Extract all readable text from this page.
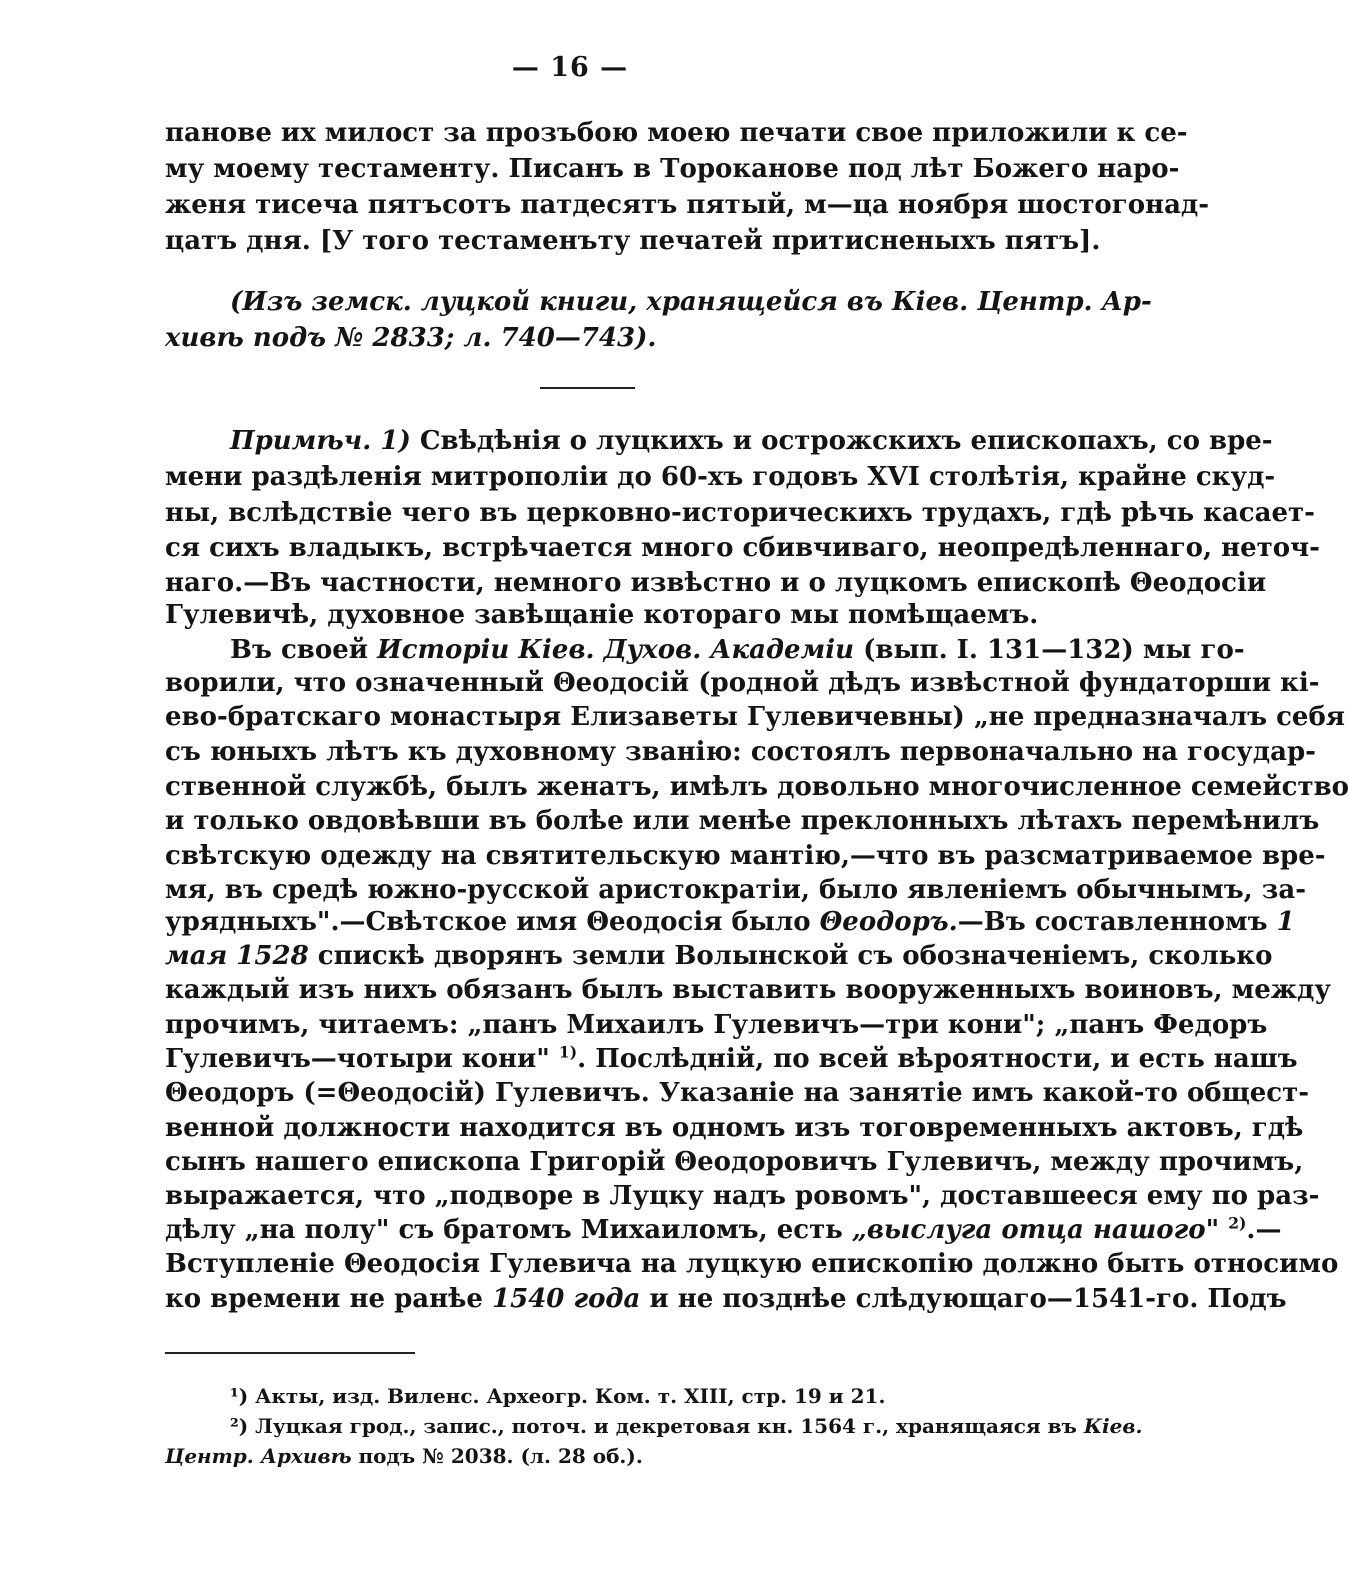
— 16 —
панове их милост за прозъбою моею печати свое приложили к се-
му моему тестаменту. Писанъ в Тороканове под лѣт Божего наро-
женя тисеча пятъсотъ патдесятъ пятый, м—ца ноября шостогонад-
цатъ дня. [У того тестаменъту печатей притисненыхъ пятъ].
(Изъ земск. луцкой книги, хранящейся въ Кіев. Центр. Ар-
хивѣ подъ № 2833; л. 740—743).
Примѣч. 1) Свѣдѣнія о луцкихъ и острожскихъ епископахъ, со вре-
мени раздѣленія митрополіи до 60-хъ годовъ XVI столѣтія, крайне скуд-
ны, вслѣдствіе чего въ церковно-историческихъ трудахъ, гдѣ рѣчь касает-
ся сихъ владыкъ, встрѣчается много сбивчиваго, неопредѣленнаго, неточ-
наго.—Въ частности, немного извѣстно и о луцкомъ епископѣ Θеодосіи
Гулевичѣ, духовное завѣщаніе котораго мы помѣщаемъ.
Въ своей Исторіи Кіев. Духов. Академіи (вып. I. 131—132) мы го-
ворили, что означенный Θеодосій (родной дѣдъ извѣстной фундаторши кі-
ево-братскаго монастыря Елизаветы Гулевичевны) „не предназначалъ себя
съ юныхъ лѣтъ къ духовному званію: состоялъ первоначально на государ-
ственной службѣ, былъ женатъ, имѣлъ довольно многочисленное семейство
и только овдовѣвши въ болѣе или менѣе преклонныхъ лѣтахъ перемѣнилъ
свѣтскую одежду на святительскую мантію,—что въ разсматриваемое вре-
мя, въ средѣ южно-русской аристократіи, было явленіемъ обычнымъ, за-
урядныхъ".—Свѣтское имя Θеодосія было Θеодоръ.—Въ составленномъ 1
мая 1528 спискѣ дворянъ земли Волынской съ обозначеніемъ, сколько
каждый изъ нихъ обязанъ былъ выставить вооруженныхъ воиновъ, между
прочимъ, читаемъ: „панъ Михаилъ Гулевичъ—три кони"; „панъ Федоръ
Гулевичъ—чотыри кони" $^{1)}$. Послѣдній, по всей вѣроятности, и есть нашъ
Θеодоръ (=Θеодосій) Гулевичъ. Указаніе на занятіе имъ какой-то общест-
венной должности находится въ одномъ изъ тоговременныхъ актовъ, гдѣ
сынъ нашего епископа Григорій Θеодоровичъ Гулевичъ, между прочимъ,
выражается, что „подворе в Луцку надъ ровомъ", доставшееся ему по раз-
дѣлу „на полу" съ братомъ Михаиломъ, есть „выслуга отца нашого" $^{2)}$.—
Вступленіе Θеодосія Гулевича на луцкую епископію должно быть относимо
ко времени не ранѣе 1540 года и не позднѣе слѣдующаго—1541-го. Подъ
¹) Акты, изд. Виленс. Археогр. Ком. т. XIII, стр. 19 и 21.
²) Луцкая грод., запис., поточ. и декретовая кн. 1564 г., хранящаяся въ Кіев.
Центр. Архивѣ подъ № 2038. (л. 28 об.).
